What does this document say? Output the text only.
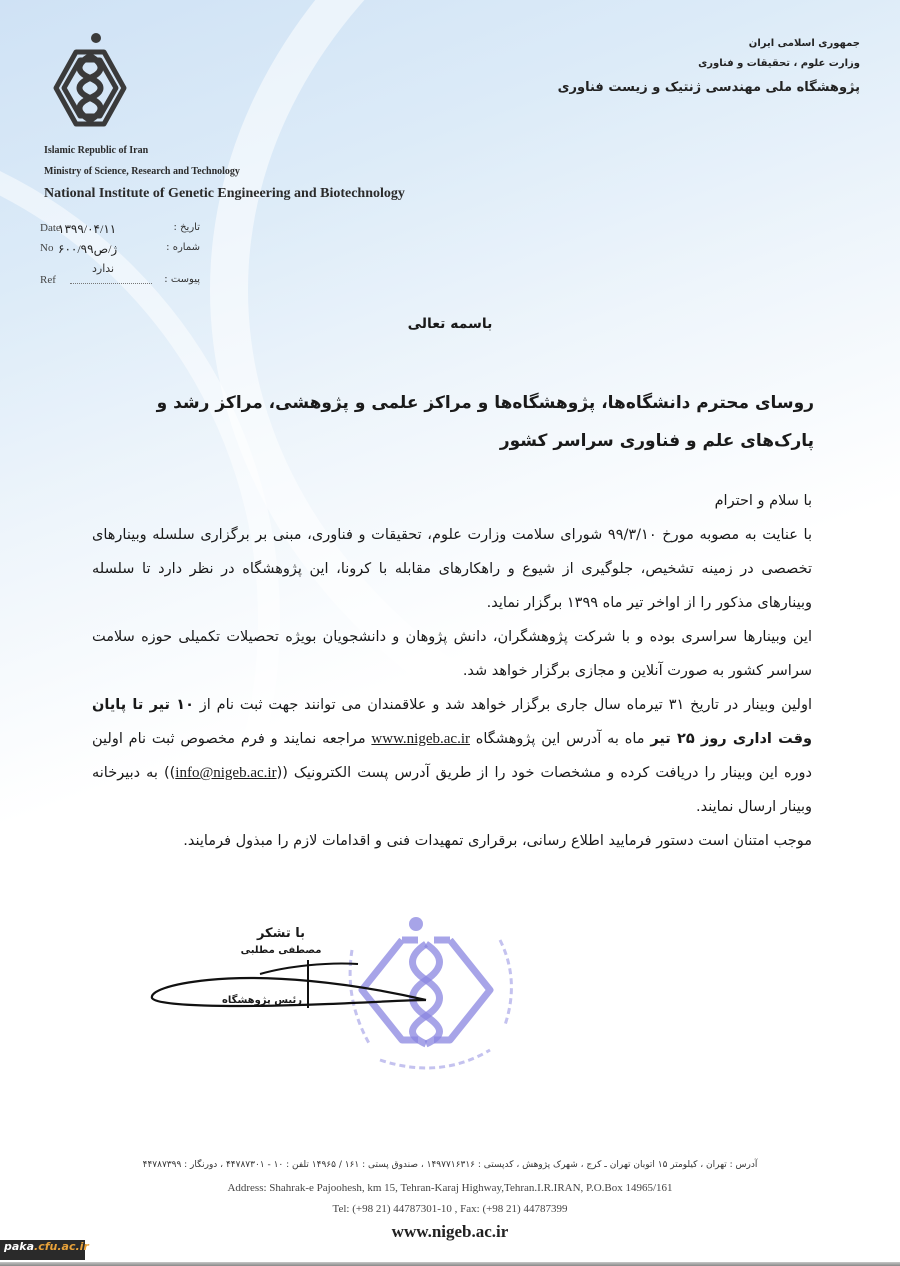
Islamic Republic of Iran
Ministry of Science, Research and Technology
National Institute of Genetic Engineering and Biotechnology
جمهوری اسلامی ایران
وزارت علوم ، تحقیقات و فناوری
پژوهشگاه ملی مهندسی ژنتیک و زیست فناوری
Date
۱۳۹۹/۰۴/۱۱	تاریخ :
No ۶۰۰/ژ/ص۹۹	شماره :
Ref
ندارد
پیوست :
باسمه تعالی
روسای محترم دانشگاه‌ها، پژوهشگاه‌ها و مراکز علمی و پژوهشی، مراکز رشد و پارک‌های علم و فناوری سراسر کشور

با سلام و احترام

با عنایت به مصوبه مورخ ۹۹/۳/۱۰ شورای سلامت وزارت علوم، تحقیقات و فناوری، مبنی بر برگزاری سلسله وبینارهای تخصصی در زمینه تشخیص، جلوگیری از شیوع و راهکارهای مقابله با کرونا، این پژوهشگاه در نظر دارد تا سلسله وبینارهای مذکور را از اواخر تیر ماه ۱۳۹۹ برگزار نماید.

این وبینارها سراسری بوده و با شرکت پژوهشگران، دانش پژوهان و دانشجویان بویژه تحصیلات تکمیلی حوزه سلامت سراسر کشور به صورت آنلاین و مجازی برگزار خواهد شد.

اولین وبینار در تاریخ ۳۱ تیرماه سال جاری برگزار خواهد شد و علاقمندان می توانند جهت ثبت نام از ۱۰ تیر تا پایان وقت اداری روز ۲۵ تیر ماه به آدرس این پژوهشگاه www.nigeb.ac.ir مراجعه نمایند و فرم مخصوص ثبت نام اولین دوره این وبینار را دریافت کرده و مشخصات خود را از طریق آدرس پست الکترونیک ((info@nigeb.ac.ir)) به دبیرخانه وبینار ارسال نمایند.

موجب امتنان است دستور فرمایید اطلاع رسانی، برقراری تمهیدات فنی و اقدامات لازم را مبذول فرمایند.

با تشکر
مصطفی مطلبی
رئیس پژوهشگاه
آدرس : تهران ، کیلومتر ۱۵ اتوبان تهران ـ کرج ، شهرک پژوهش ، کدپستی : ۱۴۹۷۷۱۶۳۱۶ ، صندوق پستی : ۱۶۱ / ۱۴۹۶۵ تلفن : ۱۰ - ۴۴۷۸۷۳۰۱ ، دورنگار : ۴۴۷۸۷۳۹۹
Address: Shahrak-e Pajoohesh, km 15, Tehran-Karaj Highway,Tehran.I.R.IRAN, P.O.Box 14965/161
Tel: (+98 21) 44787301-10 , Fax: (+98 21) 44787399
www.nigeb.ac.ir
paka.cfu.ac.ir
